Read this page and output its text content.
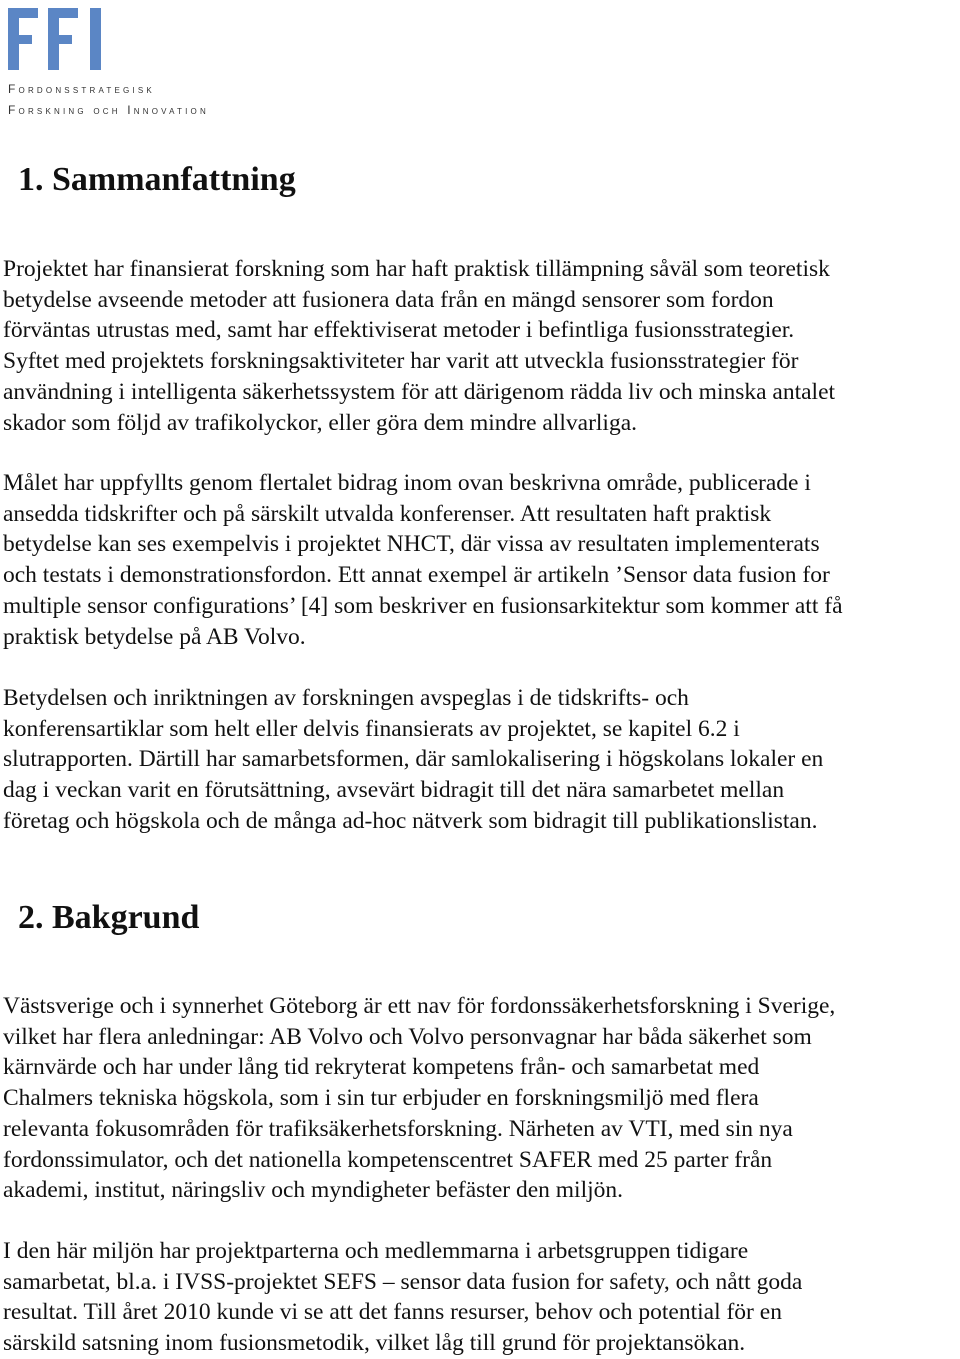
Fordonsstrategisk
Forskning och Innovation
1. Sammanfattning
Projektet har finansierat forskning som har haft praktisk tillämpning såväl som teoretisk
betydelse avseende metoder att fusionera data från en mängd sensorer som fordon
förväntas utrustas med, samt har effektiviserat metoder i befintliga fusionsstrategier.
Syftet med projektets forskningsaktiviteter har varit att utveckla fusionsstrategier för
användning i intelligenta säkerhetssystem för att därigenom rädda liv och minska antalet
skador som följd av trafikolyckor, eller göra dem mindre allvarliga.
Målet har uppfyllts genom flertalet bidrag inom ovan beskrivna område, publicerade i
ansedda tidskrifter och på särskilt utvalda konferenser. Att resultaten haft praktisk
betydelse kan ses exempelvis i projektet NHCT, där vissa av resultaten implementerats
och testats i demonstrationsfordon. Ett annat exempel är artikeln ’Sensor data fusion for
multiple sensor configurations’ [4] som beskriver en fusionsarkitektur som kommer att få
praktisk betydelse på AB Volvo.
Betydelsen och inriktningen av forskningen avspeglas i de tidskrifts- och
konferensartiklar som helt eller delvis finansierats av projektet, se kapitel 6.2 i
slutrapporten. Därtill har samarbetsformen, där samlokalisering i högskolans lokaler en
dag i veckan varit en förutsättning, avsevärt bidragit till det nära samarbetet mellan
företag och högskola och de många ad-hoc nätverk som bidragit till publikationslistan.
2. Bakgrund
Västsverige och i synnerhet Göteborg är ett nav för fordonssäkerhetsforskning i Sverige,
vilket har flera anledningar: AB Volvo och Volvo personvagnar har båda säkerhet som
kärnvärde och har under lång tid rekryterat kompetens från- och samarbetat med
Chalmers tekniska högskola, som i sin tur erbjuder en forskningsmiljö med flera
relevanta fokusområden för trafiksäkerhetsforskning. Närheten av VTI, med sin nya
fordonssimulator, och det nationella kompetenscentret SAFER med 25 parter från
akademi, institut, näringsliv och myndigheter befäster den miljön.
I den här miljön har projektparterna och medlemmarna i arbetsgruppen tidigare
samarbetat, bl.a. i IVSS-projektet SEFS – sensor data fusion for safety, och nått goda
resultat. Till året 2010 kunde vi se att det fanns resurser, behov och potential för en
särskild satsning inom fusionsmetodik, vilket låg till grund för projektansökan.
